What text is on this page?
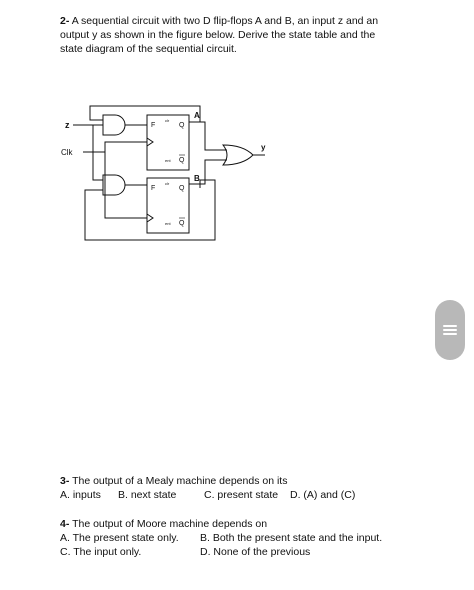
2- A sequential circuit with two D flip-flops A and B, an input z and an
output y as shown in the figure below. Derive the state table and the
state diagram of the sequential circuit.
z
Clk
y
A
B
F	Q
clr
ent Q
F	Q
clr
ent Q
3- The output of a Mealy machine depends on its
A. inputs	B. next state	C. present state	D. (A) and (C)
4- The output of Moore machine depends on
A. The present state only.	B. Both the present state and the input.
C. The input only.	D. None of the previous
